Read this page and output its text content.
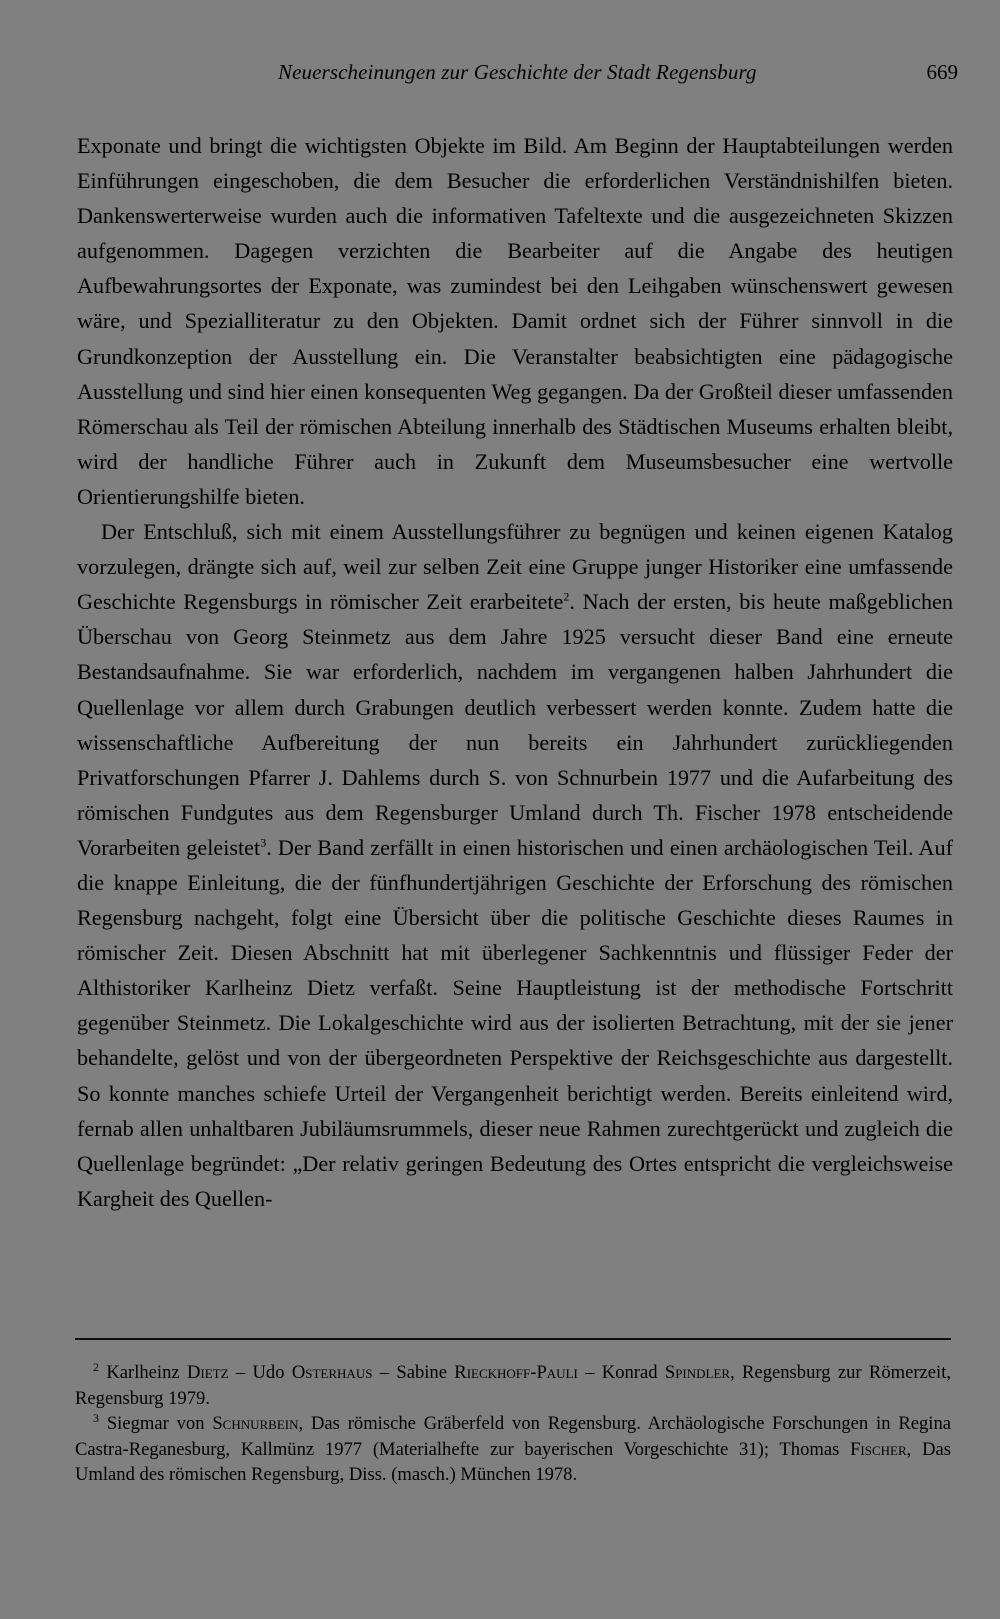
Neuerscheinungen zur Geschichte der Stadt Regensburg	669

Exponate und bringt die wichtigsten Objekte im Bild. Am Beginn der Hauptabteilungen werden Einführungen eingeschoben, die dem Besucher die erforderlichen Verständnishilfen bieten. Dankenswerterweise wurden auch die informativen Tafeltexte und die ausgezeichneten Skizzen aufgenommen. Dagegen verzichten die Bearbeiter auf die Angabe des heutigen Aufbewahrungsortes der Exponate, was zumindest bei den Leihgaben wünschenswert gewesen wäre, und Spezialliteratur zu den Objekten. Damit ordnet sich der Führer sinnvoll in die Grundkonzeption der Ausstellung ein. Die Veranstalter beabsichtigten eine pädagogische Ausstellung und sind hier einen konsequenten Weg gegangen. Da der Großteil dieser umfassenden Römerschau als Teil der römischen Abteilung innerhalb des Städtischen Museums erhalten bleibt, wird der handliche Führer auch in Zukunft dem Museumsbesucher eine wertvolle Orientierungshilfe bieten.

Der Entschluß, sich mit einem Ausstellungsführer zu begnügen und keinen eigenen Katalog vorzulegen, drängte sich auf, weil zur selben Zeit eine Gruppe junger Historiker eine umfassende Geschichte Regensburgs in römischer Zeit erarbeitete$^2$. Nach der ersten, bis heute maßgeblichen Überschau von Georg Steinmetz aus dem Jahre 1925 versucht dieser Band eine erneute Bestandsaufnahme. Sie war erforderlich, nachdem im vergangenen halben Jahrhundert die Quellenlage vor allem durch Grabungen deutlich verbessert werden konnte. Zudem hatte die wissenschaftliche Aufbereitung der nun bereits ein Jahrhundert zurückliegenden Privatforschungen Pfarrer J. Dahlems durch S. von Schnurbein 1977 und die Aufarbeitung des römischen Fundgutes aus dem Regensburger Umland durch Th. Fischer 1978 entscheidende Vorarbeiten geleistet$^3$. Der Band zerfällt in einen historischen und einen archäologischen Teil. Auf die knappe Einleitung, die der fünfhundertjährigen Geschichte der Erforschung des römischen Regensburg nachgeht, folgt eine Übersicht über die politische Geschichte dieses Raumes in römischer Zeit. Diesen Abschnitt hat mit überlegener Sachkenntnis und flüssiger Feder der Althistoriker Karlheinz Dietz verfaßt. Seine Hauptleistung ist der methodische Fortschritt gegenüber Steinmetz. Die Lokalgeschichte wird aus der isolierten Betrachtung, mit der sie jener behandelte, gelöst und von der übergeordneten Perspektive der Reichsgeschichte aus dargestellt. So konnte manches schiefe Urteil der Vergangenheit berichtigt werden. Bereits einleitend wird, fernab allen unhaltbaren Jubiläumsrummels, dieser neue Rahmen zurechtgerückt und zugleich die Quellenlage begründet: „Der relativ geringen Bedeutung des Ortes entspricht die vergleichsweise Kargheit des Quellen-

$^2$ Karlheinz Dietz – Udo Osterhaus – Sabine Rieckhoff-Pauli – Konrad Spindler, Regensburg zur Römerzeit, Regensburg 1979.

$^3$ Siegmar von Schnurbein, Das römische Gräberfeld von Regensburg. Archäologische Forschungen in Regina Castra-Reganesburg, Kallmünz 1977 (Materialhefte zur bayerischen Vorgeschichte 31); Thomas Fischer, Das Umland des römischen Regensburg, Diss. (masch.) München 1978.
